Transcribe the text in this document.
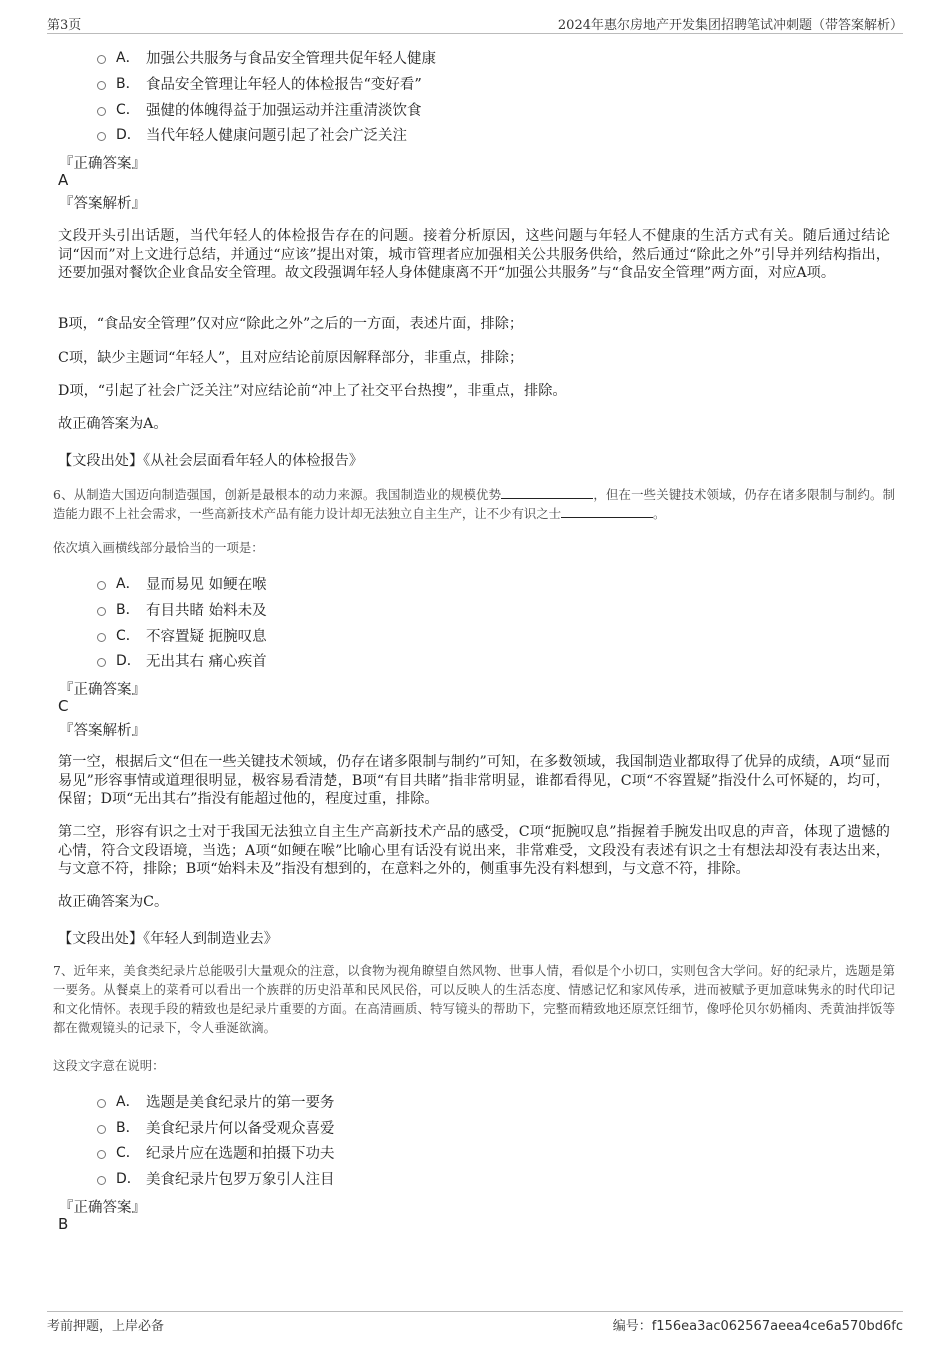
第3页	2024年惠尔房地产开发集团招聘笔试冲刺题（带答案解析）
A． 加强公共服务与食品安全管理共促年轻人健康
B． 食品安全管理让年轻人的体检报告“变好看”
C． 强健的体魄得益于加强运动并注重清淡饮食
D． 当代年轻人健康问题引起了社会广泛关注
『正确答案』
A
『答案解析』
文段开头引出话题，当代年轻人的体检报告存在的问题。接着分析原因，这些问题与年轻人不健康的生活方式有关。随后通过结论词“因而”对上文进行总结，并通过“应该”提出对策，城市管理者应加强相关公共服务供给，然后通过“除此之外”引导并列结构指出，还要加强对餐饮企业食品安全管理。故文段强调年轻人身体健康离不开“加强公共服务”与“食品安全管理”两方面，对应A项。
B项，“食品安全管理”仅对应“除此之外”之后的一方面，表述片面，排除；
C项，缺少主题词“年轻人”，且对应结论前原因解释部分，非重点，排除；
D项，“引起了社会广泛关注”对应结论前“冲上了社交平台热搜”，非重点，排除。
故正确答案为A。
【文段出处】《从社会层面看年轻人的体检报告》
6、从制造大国迈向制造强国，创新是最根本的动力来源。我国制造业的规模优势	，但在一些关键技术领域，仍存在诸多限制与制约。制造能力跟不上社会需求，一些高新技术产品有能力设计却无法独立自主生产，让不少有识之士	。
依次填入画横线部分最恰当的一项是：
A． 显而易见 如鲠在喉
B． 有目共睹 始料未及
C． 不容置疑 扼腕叹息
D． 无出其右 痛心疾首
『正确答案』
C
『答案解析』
第一空，根据后文“但在一些关键技术领域，仍存在诸多限制与制约”可知，在多数领域，我国制造业都取得了优异的成绩，A项“显而易见”形容事情或道理很明显，极容易看清楚，B项“有目共睹”指非常明显，谁都看得见，C项“不容置疑”指没什么可怀疑的，均可，保留；D项“无出其右”指没有能超过他的，程度过重，排除。
第二空，形容有识之士对于我国无法独立自主生产高新技术产品的感受，C项“扼腕叹息”指握着手腕发出叹息的声音，体现了遗憾的心情，符合文段语境，当选；A项“如鲠在喉”比喻心里有话没有说出来，非常难受，文段没有表述有识之士有想法却没有表达出来，与文意不符，排除；B项“始料未及”指没有想到的，在意料之外的，侧重事先没有料想到，与文意不符，排除。
故正确答案为C。
【文段出处】《年轻人到制造业去》
7、近年来，美食类纪录片总能吸引大量观众的注意，以食物为视角瞭望自然风物、世事人情，看似是个小切口，实则包含大学问。好的纪录片，选题是第一要务。从餐桌上的菜肴可以看出一个族群的历史沿革和民风民俗，可以反映人的生活态度、情感记忆和家风传承，进而被赋予更加意味隽永的时代印记和文化情怀。表现手段的精致也是纪录片重要的方面。在高清画质、特写镜头的帮助下，完整而精致地还原烹饪细节，像呼伦贝尔奶桶肉、秃黄油拌饭等都在微观镜头的记录下，令人垂涎欲滴。
这段文字意在说明：
A． 选题是美食纪录片的第一要务
B． 美食纪录片何以备受观众喜爱
C． 纪录片应在选题和拍摄下功夫
D． 美食纪录片包罗万象引人注目
『正确答案』
B
考前押题，上岸必备	编号：f156ea3ac062567aeea4ce6a570bd6fc
